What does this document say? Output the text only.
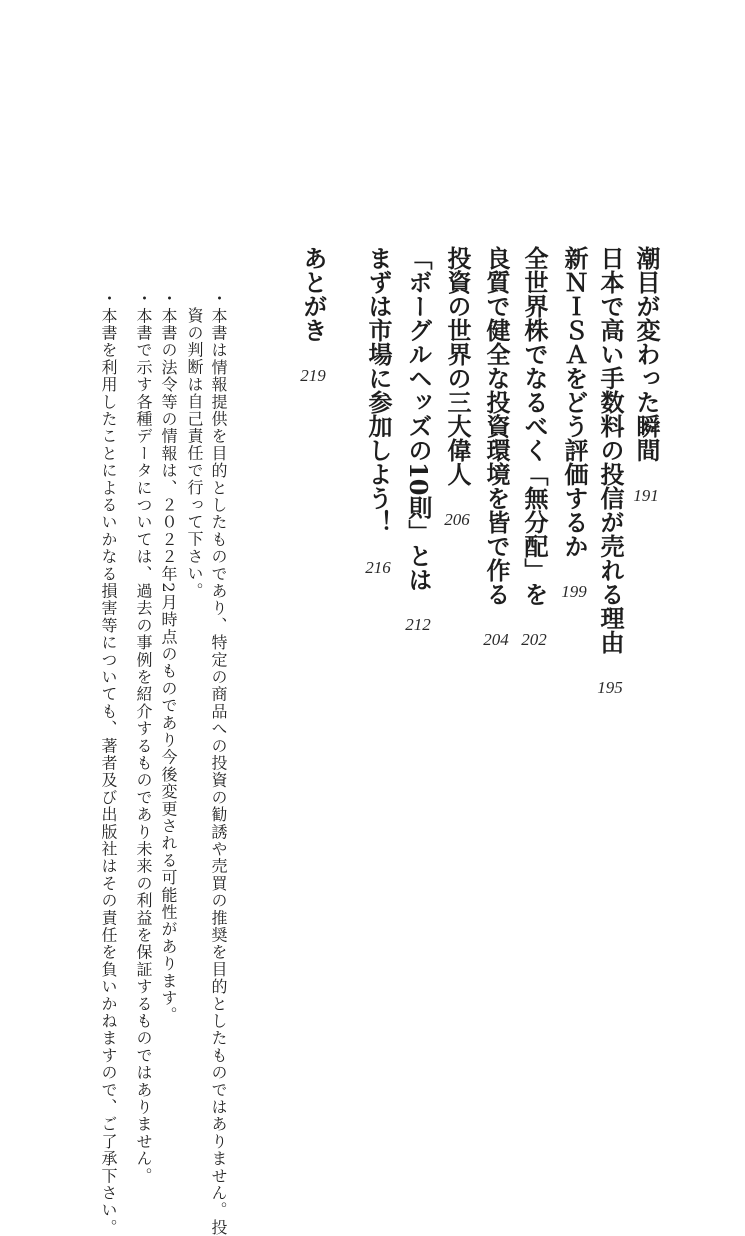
潮目が変わった瞬間
191
日本で高い手数料の投信が売れる理由
195
新ＮＩＳＡをどう評価するか
199
全世界株でなるべく「無分配」を
202
良質で健全な投資環境を皆で作る
204
投資の世界の三大偉人
206
「ボーグルヘッズの10則」とは
212
まずは市場に参加しよう！
216
あとがき
219
・本書は情報提供を目的としたものであり、特定の商品への投資の勧誘や売買の推奨を目的としたものではありません。投
資の判断は自己責任で行って下さい。
・本書の法令等の情報は、２０２２年2月時点のものであり今後変更される可能性があります。
・本書で示す各種データについては、過去の事例を紹介するものであり未来の利益を保証するものではありません。
・本書を利用したことによるいかなる損害等についても、著者及び出版社はその責任を負いかねますので、ご了承下さい。
